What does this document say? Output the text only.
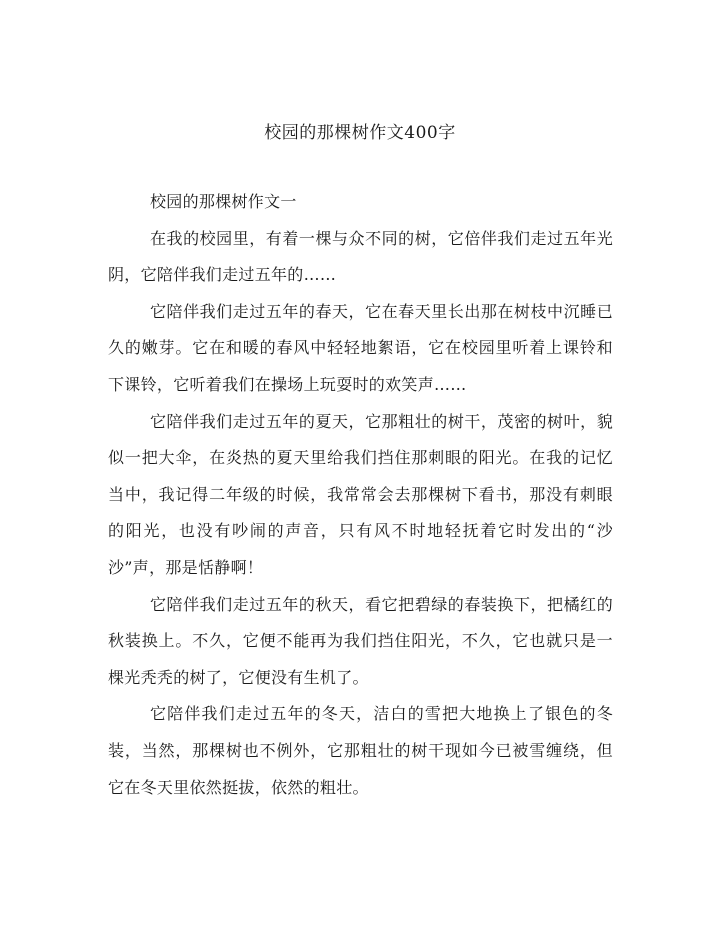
校园的那棵树作文400字

校园的那棵树作文一

在我的校园里，有着一棵与众不同的树，它倍伴我们走过五年光阴，它陪伴我们走过五年的……

它陪伴我们走过五年的春天，它在春天里长出那在树枝中沉睡已久的嫩芽。它在和暖的春风中轻轻地絮语，它在校园里听着上课铃和下课铃，它听着我们在操场上玩耍时的欢笑声……

它陪伴我们走过五年的夏天，它那粗壮的树干，茂密的树叶，貌似一把大伞，在炎热的夏天里给我们挡住那刺眼的阳光。在我的记忆当中，我记得二年级的时候，我常常会去那棵树下看书，那没有刺眼的阳光，也没有吵闹的声音，只有风不时地轻抚着它时发出的“沙沙”声，那是恬静啊！

它陪伴我们走过五年的秋天，看它把碧绿的春装换下，把橘红的秋装换上。不久，它便不能再为我们挡住阳光，不久，它也就只是一棵光秃秃的树了，它便没有生机了。

它陪伴我们走过五年的冬天，洁白的雪把大地换上了银色的冬装，当然，那棵树也不例外，它那粗壮的树干现如今已被雪缠绕，但它在冬天里依然挺拔，依然的粗壮。
